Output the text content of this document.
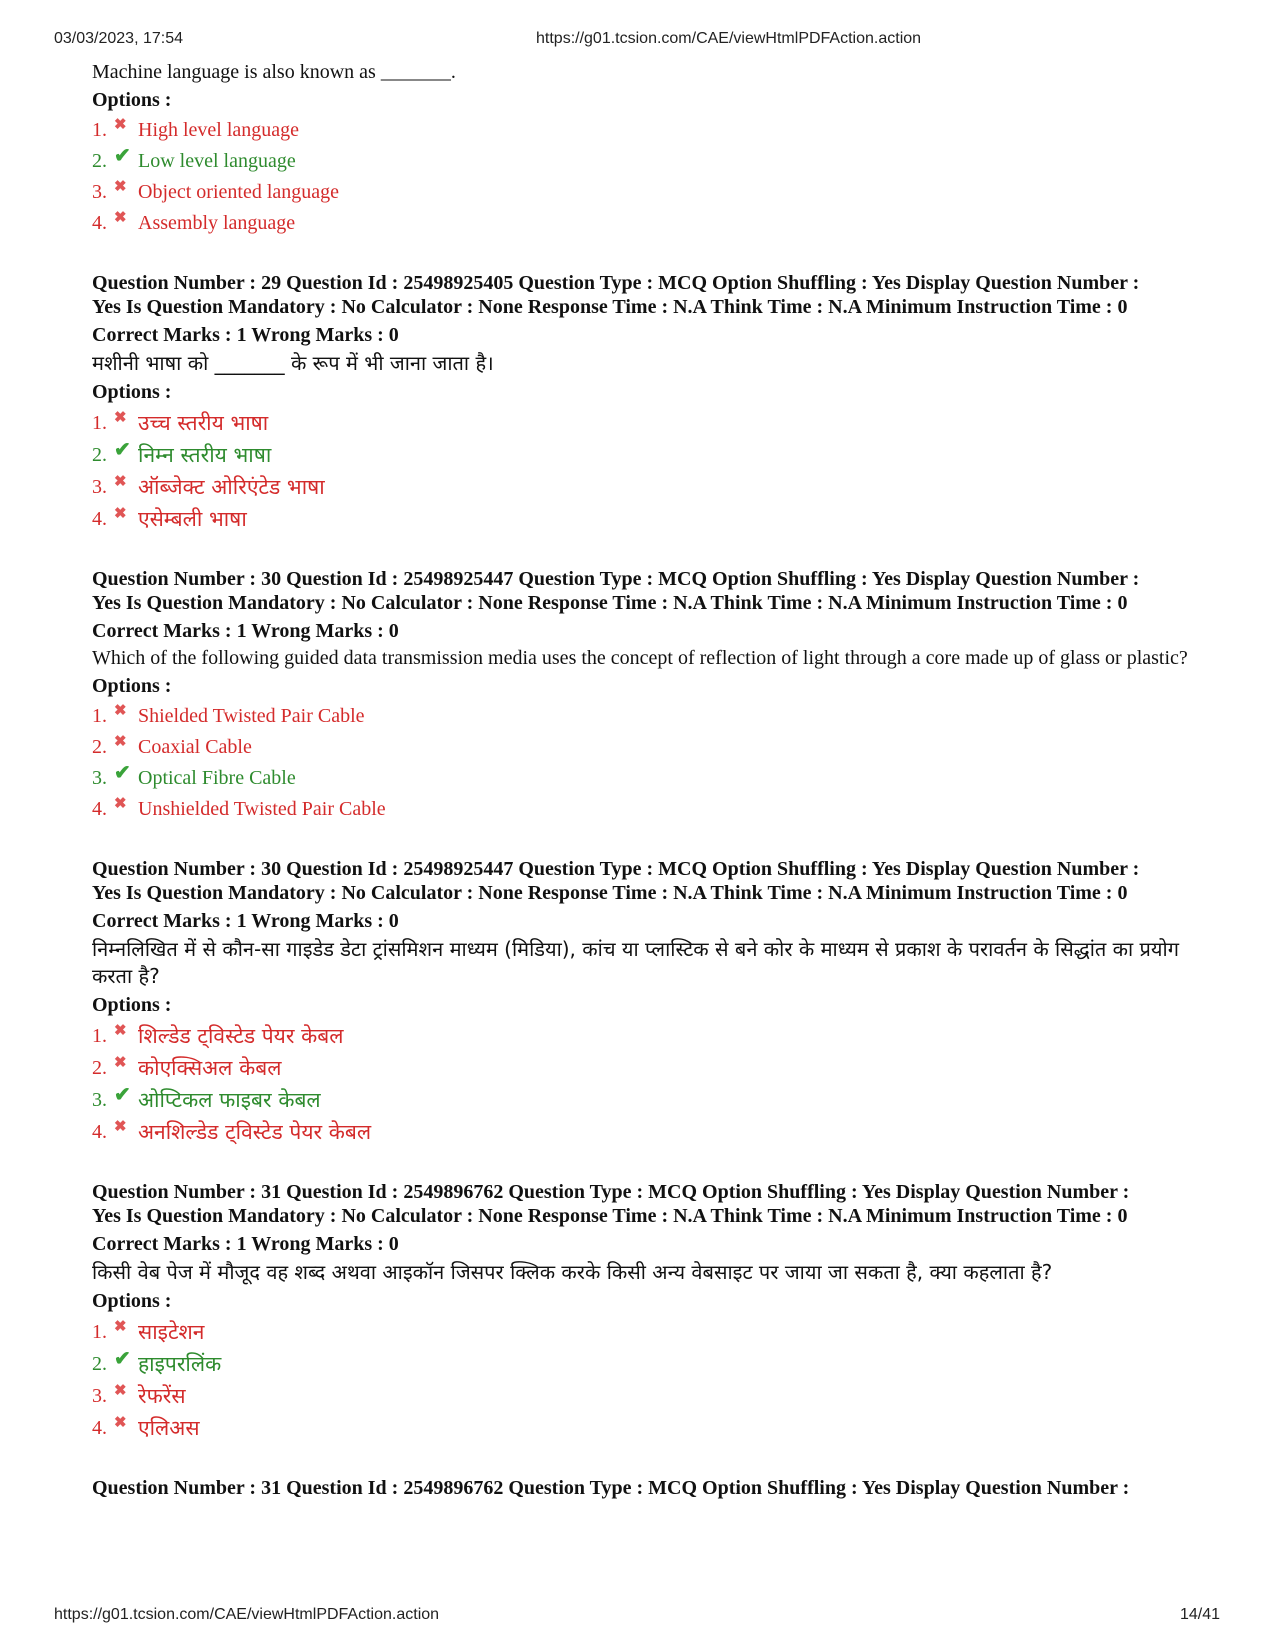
03/03/2023, 17:54	https://g01.tcsion.com/CAE/viewHtmlPDFAction.action
Machine language is also known as _______.
Options :
1. ✖ High level language
2. ✔ Low level language
3. ✖ Object oriented language
4. ✖ Assembly language
Question Number : 29 Question Id : 25498925405 Question Type : MCQ Option Shuffling : Yes Display Question Number :
Yes Is Question Mandatory : No Calculator : None Response Time : N.A Think Time : N.A Minimum Instruction Time : 0
Correct Marks : 1 Wrong Marks : 0
मशीनी भाषा को _______ के रूप में भी जाना जाता है।
Options :
1. ✖ उच्च स्तरीय भाषा
2. ✔ निम्न स्तरीय भाषा
3. ✖ ऑब्जेक्ट ओरिएंटेड भाषा
4. ✖ एसेम्बली भाषा
Question Number : 30 Question Id : 25498925447 Question Type : MCQ Option Shuffling : Yes Display Question Number :
Yes Is Question Mandatory : No Calculator : None Response Time : N.A Think Time : N.A Minimum Instruction Time : 0
Correct Marks : 1 Wrong Marks : 0
Which of the following guided data transmission media uses the concept of reflection of light through a core made up of glass or plastic?
Options :
1. ✖ Shielded Twisted Pair Cable
2. ✖ Coaxial Cable
3. ✔ Optical Fibre Cable
4. ✖ Unshielded Twisted Pair Cable
Question Number : 30 Question Id : 25498925447 Question Type : MCQ Option Shuffling : Yes Display Question Number :
Yes Is Question Mandatory : No Calculator : None Response Time : N.A Think Time : N.A Minimum Instruction Time : 0
Correct Marks : 1 Wrong Marks : 0
निम्नलिखित में से कौन-सा गाइडेड डेटा ट्रांसमिशन माध्यम (मिडिया), कांच या प्लास्टिक से बने कोर के माध्यम से प्रकाश के परावर्तन के सिद्धांत का प्रयोग करता है?
Options :
1. ✖ शिल्डेड ट्विस्टेड पेयर केबल
2. ✖ कोएक्सिअल केबल
3. ✔ ओप्टिकल फाइबर केबल
4. ✖ अनशिल्डेड ट्विस्टेड पेयर केबल
Question Number : 31 Question Id : 2549896762 Question Type : MCQ Option Shuffling : Yes Display Question Number :
Yes Is Question Mandatory : No Calculator : None Response Time : N.A Think Time : N.A Minimum Instruction Time : 0
Correct Marks : 1 Wrong Marks : 0
किसी वेब पेज में मौजूद वह शब्द अथवा आइकॉन जिसपर क्लिक करके किसी अन्य वेबसाइट पर जाया जा सकता है, क्या कहलाता है?
Options :
1. ✖ साइटेशन
2. ✔ हाइपरलिंक
3. ✖ रेफरेंस
4. ✖ एलिअस
Question Number : 31 Question Id : 2549896762 Question Type : MCQ Option Shuffling : Yes Display Question Number :
https://g01.tcsion.com/CAE/viewHtmlPDFAction.action	14/41
